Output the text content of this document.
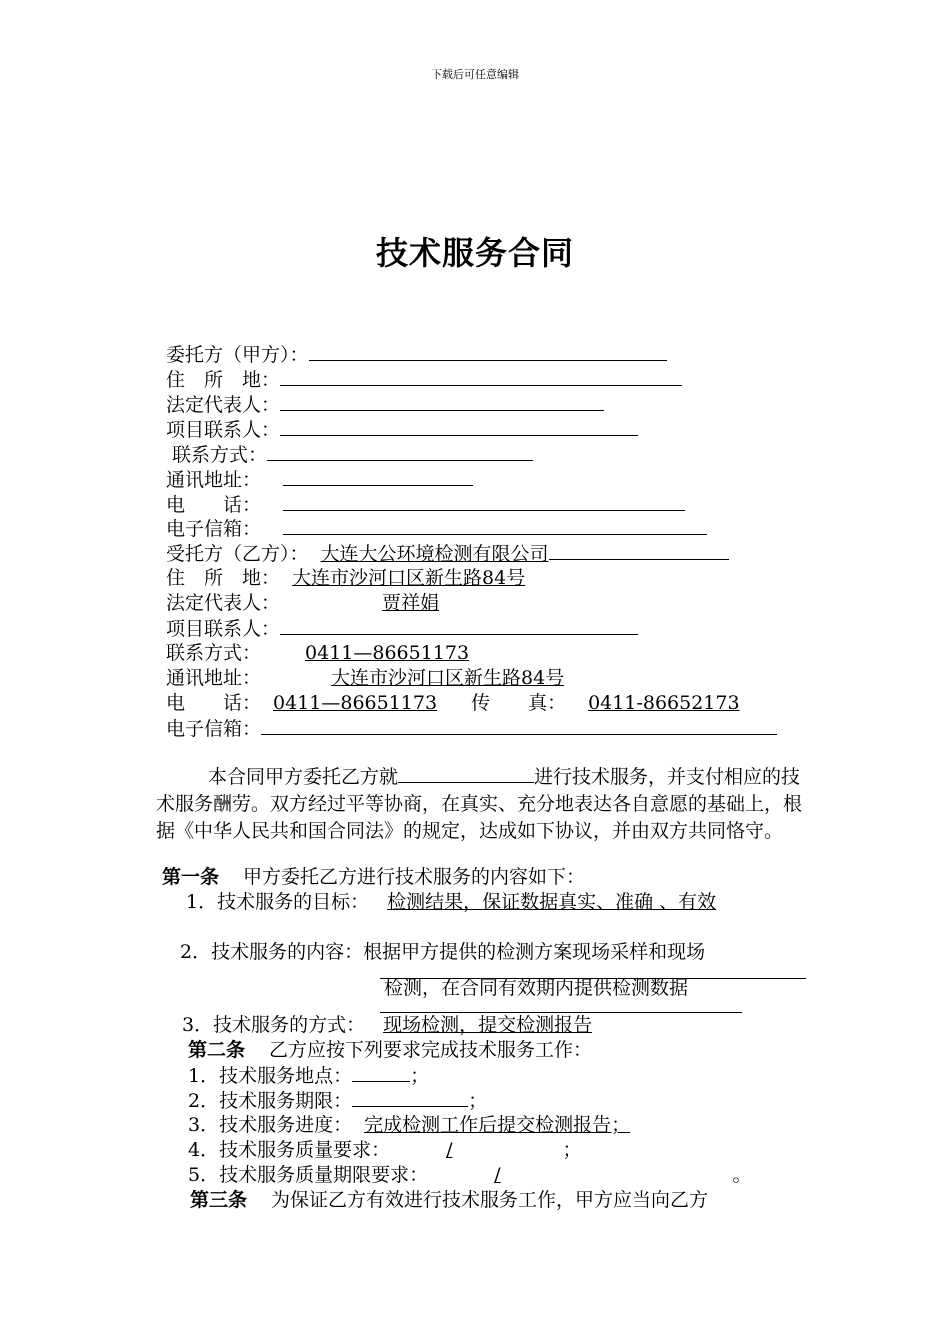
下载后可任意编辑
技术服务合同
委托方（甲方）：
住　所　地：
法定代表人：
项目联系人：
联系方式：
通讯地址：
电　　话：
电子信箱：
受托方（乙方）： 大连大公环境检测有限公司
住　所　地： 大连市沙河口区新生路84号
法定代表人：	贾祥娟
项目联系人：
联系方式： 0411—86651173
通讯地址：	大连市沙河口区新生路84号
电　　话： 0411—86651173 传　　真： 0411-86652173
电子信箱：
本合同甲方委托乙方就	进行技术服务，并支付相应的技术服务酬劳。双方经过平等协商，在真实、充分地表达各自意愿的基础上，根据《中华人民共和国合同法》的规定，达成如下协议，并由双方共同恪守。
第一条 甲方委托乙方进行技术服务的内容如下：
1．技术服务的目标： 检测结果，保证数据真实、准确 、有效
2．技术服务的内容：根据甲方提供的检测方案现场采样和现场
检测，在合同有效期内提供检测数据
3．技术服务的方式： 现场检测，提交检测报告
第二条 乙方应按下列要求完成技术服务工作：
1．技术服务地点：	；
2．技术服务期限：	；
3．技术服务进度： 完成检测工作后提交检测报告；
4．技术服务质量要求：	/	；
5．技术服务质量期限要求：	/	。
第三条 为保证乙方有效进行技术服务工作，甲方应当向乙方
